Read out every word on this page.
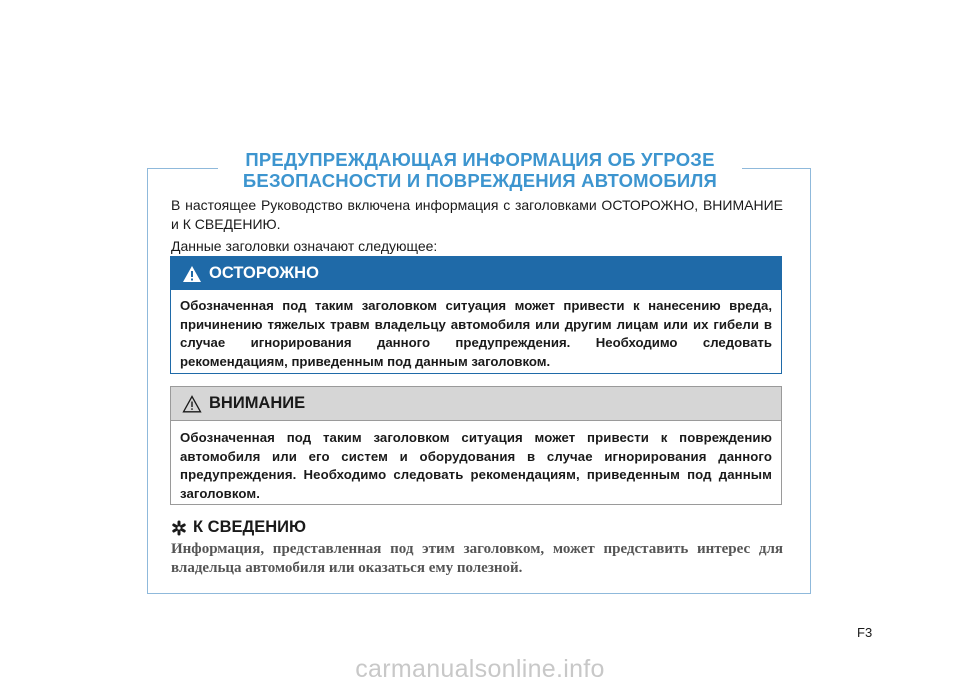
ПРЕДУПРЕЖДАЮЩАЯ ИНФОРМАЦИЯ ОБ УГРОЗЕ
БЕЗОПАСНОСТИ И ПОВРЕЖДЕНИЯ АВТОМОБИЛЯ

В настоящее Руководство включена информация с заголовками ОСТОРОЖНО, ВНИМАНИЕ и К СВЕДЕНИЮ.

Данные заголовки означают следующее:

ОСТОРОЖНО
Обозначенная под таким заголовком ситуация может привести к нанесению вреда, причинению тяжелых травм владельцу автомобиля или другим лицам или их гибели в случае игнорирования данного предупреждения. Необходимо следовать рекомендациям, приведенным под данным заголовком.
ВНИМАНИЕ
Обозначенная под таким заголовком ситуация может привести к повреждению автомобиля или его систем и оборудования в случае игнорирования данного предупреждения. Необходимо следовать рекомендациям, приведенным под данным заголовком.
К СВЕДЕНИЮ
Информация, представленная под этим заголовком, может представить интерес для владельца автомобиля или оказаться ему полезной.
F3
carmanualsonline.info
